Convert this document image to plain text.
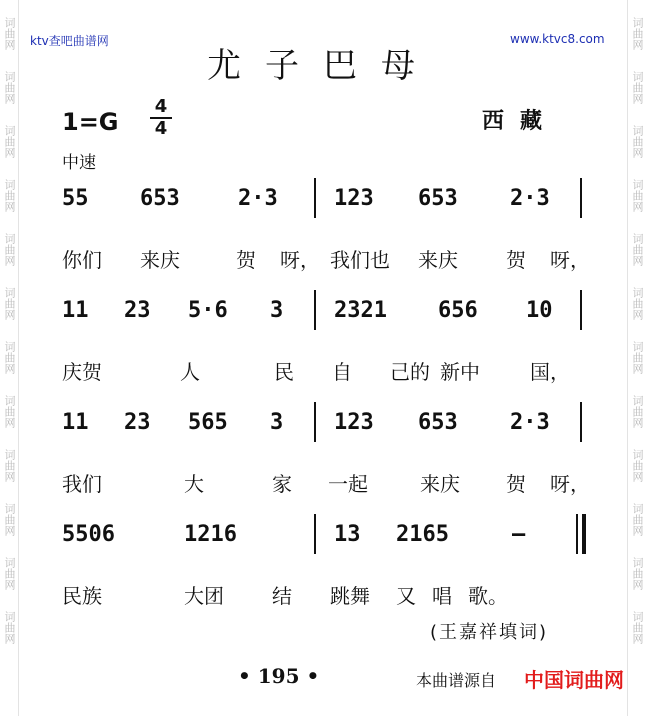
词曲网
词曲网
词曲网
词曲网
词曲网
词曲网
词曲网
词曲网
词曲网
词曲网
词曲网
词曲网
词曲网
词曲网
词曲网
词曲网
词曲网
词曲网
词曲网
词曲网
词曲网
词曲网
词曲网
词曲网
ktv查吧曲谱网	www.ktvc8.com
尤子巴母
1=G
4
4	西藏
中速
55 653	2·3	123 653 2·3
你们 来庆	贺 呀， 我们也 来庆 贺 呀，
11 23 5·6 3 2321 656 10
庆贺	人	民 自 己的 新中	国，
11 23 565 3 123 653 2·3
我们	大	家 一起	来庆 贺 呀，
5506	1216	13 2165	—
民族	大团 结 跳舞 又 唱 歌。
(王嘉祥填词)
• 195 •	本曲谱源自 中国词曲网
